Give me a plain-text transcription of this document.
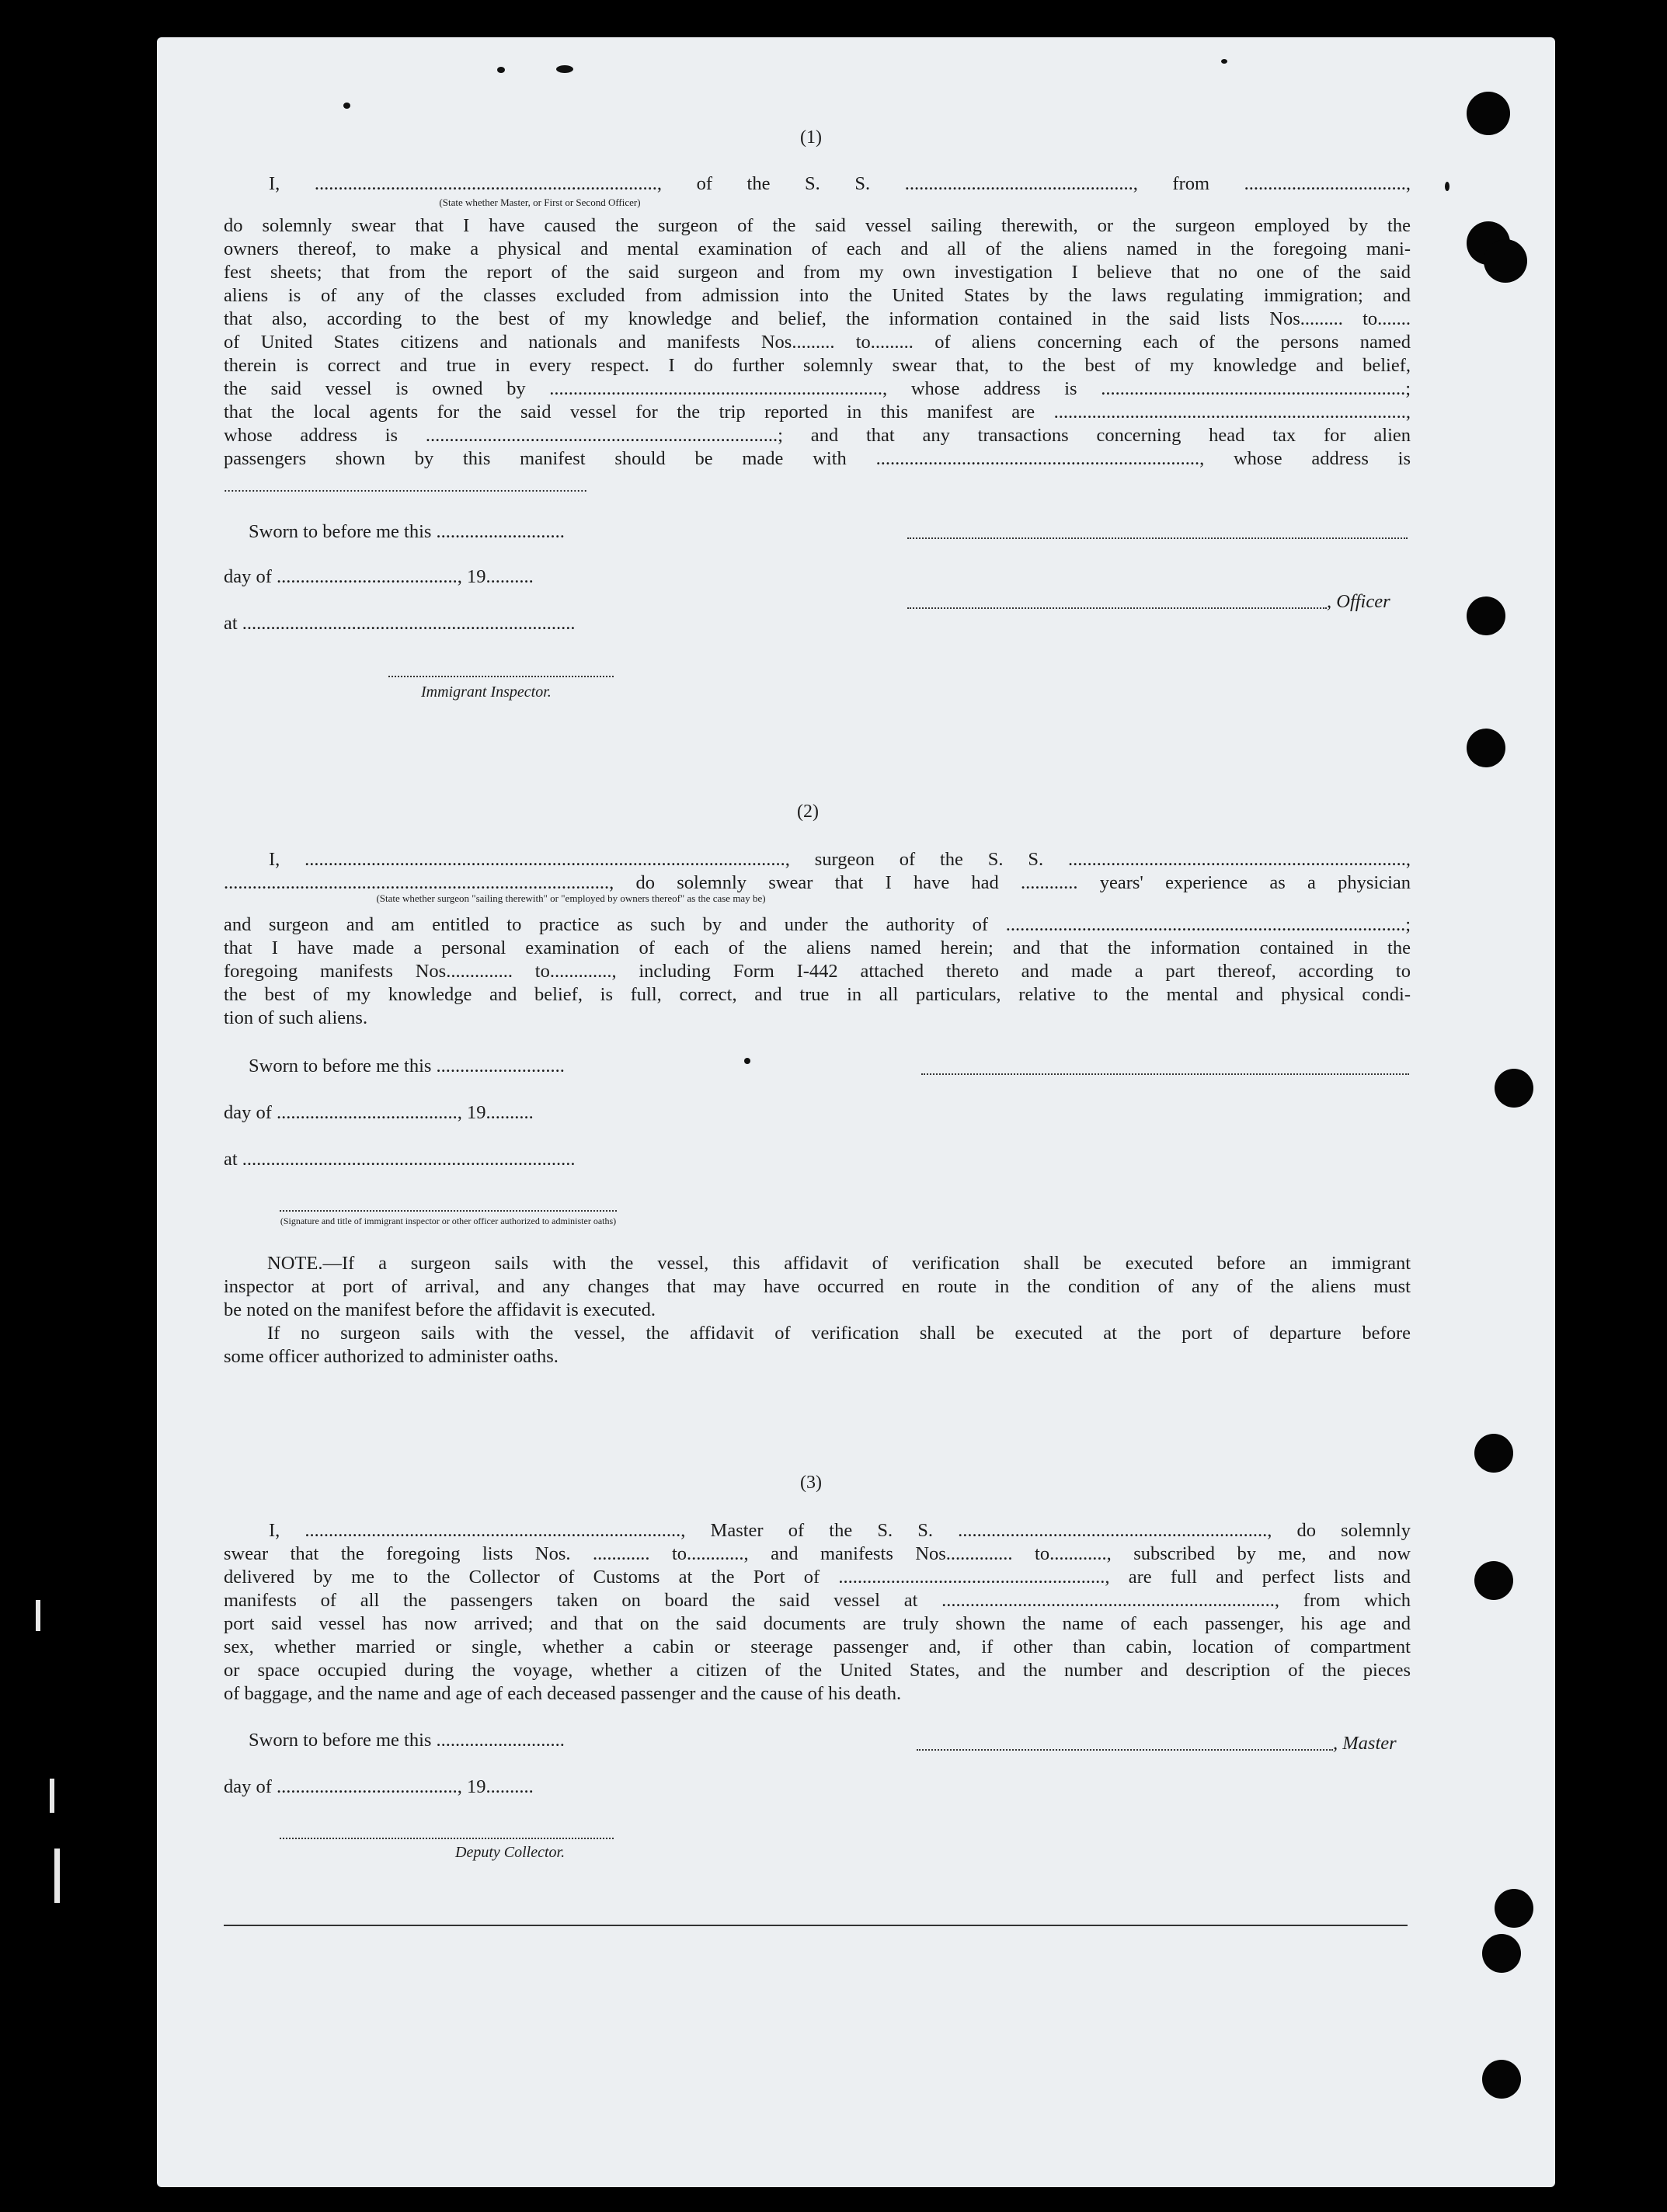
(1)
I, ........................................................................, of the S. S. ................................................, from ..................................,
(State whether Master, or First or Second Officer)
do solemnly swear that I have caused the surgeon of the said vessel sailing therewith, or the surgeon employed by the
owners thereof, to make a physical and mental examination of each and all of the aliens named in the foregoing mani-
fest sheets; that from the report of the said surgeon and from my own investigation I believe that no one of the said
aliens is of any of the classes excluded from admission into the United States by the laws regulating immigration; and
that also, according to the best of my knowledge and belief, the information contained in the said lists Nos......... to.......
of United States citizens and nationals and manifests Nos......... to......... of aliens concerning each of the persons named
therein is correct and true in every respect. I do further solemnly swear that, to the best of my knowledge and belief,
the said vessel is owned by ......................................................................, whose address is ................................................................;
that the local agents for the said vessel for the trip reported in this manifest are ..........................................................................,
whose address is ..........................................................................; and that any transactions concerning head tax for alien
passengers shown by this manifest should be made with ...................................................................., whose address is
........................................................................................................
Sworn to before me this ...........................
day of ......................................, 19..........
, Officer
at ......................................................................
Immigrant Inspector.
(2)
I, ....................................................................................................., surgeon of the S. S. .......................................................................,
................................................................................., do solemnly swear that I have had ............ years' experience as a physician
(State whether surgeon "sailing therewith" or "employed by owners thereof" as the case may be)
and surgeon and am entitled to practice as such by and under the authority of ....................................................................................;
that I have made a personal examination of each of the aliens named herein; and that the information contained in the
foregoing manifests Nos.............. to............., including Form I-442 attached thereto and made a part thereof, according to
the best of my knowledge and belief, is full, correct, and true in all particulars, relative to the mental and physical condi-
tion of such aliens.
Sworn to before me this ...........................
day of ......................................, 19..........
at ......................................................................
(Signature and title of immigrant inspector or other officer authorized to administer oaths)
NOTE.—If a surgeon sails with the vessel, this affidavit of verification shall be executed before an immigrant
inspector at port of arrival, and any changes that may have occurred en route in the condition of any of the aliens must
be noted on the manifest before the affidavit is executed.
If no surgeon sails with the vessel, the affidavit of verification shall be executed at the port of departure before
some officer authorized to administer oaths.
(3)
I, ..............................................................................., Master of the S. S. ................................................................., do solemnly
swear that the foregoing lists Nos. ............ to............, and manifests Nos.............. to............, subscribed by me, and now
delivered by me to the Collector of Customs at the Port of ........................................................, are full and perfect lists and
manifests of all the passengers taken on board the said vessel at ......................................................................, from which
port said vessel has now arrived; and that on the said documents are truly shown the name of each passenger, his age and
sex, whether married or single, whether a cabin or steerage passenger and, if other than cabin, location of compartment
or space occupied during the voyage, whether a citizen of the United States, and the number and description of the pieces
of baggage, and the name and age of each deceased passenger and the cause of his death.
Sworn to before me this ...........................	, Master
day of ......................................, 19..........
Deputy Collector.
